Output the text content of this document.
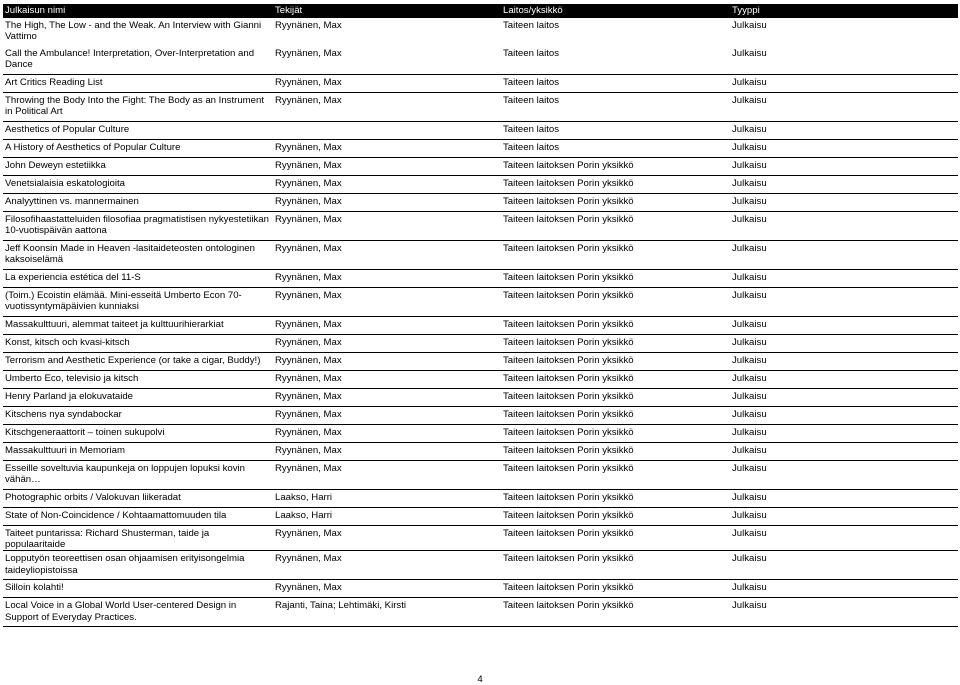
Julkaisun nimi	Tekijät	Laitos/yksikkö	Tyyppi
The High, The Low - and the Weak. An Interview with Gianni Vattimo	Ryynänen, Max	Taiteen laitos	Julkaisu
Call the Ambulance! Interpretation, Over-Interpretation and Dance	Ryynänen, Max	Taiteen laitos	Julkaisu
Art Critics Reading List	Ryynänen, Max	Taiteen laitos	Julkaisu
Throwing the Body Into the Fight: The Body as an Instrument in Political Art	Ryynänen, Max	Taiteen laitos	Julkaisu
Aesthetics of Popular Culture		Taiteen laitos	Julkaisu
A History of Aesthetics of Popular Culture	Ryynänen, Max	Taiteen laitos	Julkaisu
John Deweyn estetiikka	Ryynänen, Max	Taiteen laitoksen Porin yksikkö	Julkaisu
Venetsialaisia eskatologioita	Ryynänen, Max	Taiteen laitoksen Porin yksikkö	Julkaisu
Analyyttinen vs. mannermainen	Ryynänen, Max	Taiteen laitoksen Porin yksikkö	Julkaisu
Filosofihaastatteluiden filosofiaa pragmatistisen nykyestetiikan 10-vuotispäivän aattona	Ryynänen, Max	Taiteen laitoksen Porin yksikkö	Julkaisu
Jeff Koonsin Made in Heaven -lasitaideteosten ontologinen kaksoiselämä	Ryynänen, Max	Taiteen laitoksen Porin yksikkö	Julkaisu
La experiencia estética del 11-S	Ryynänen, Max	Taiteen laitoksen Porin yksikkö	Julkaisu
(Toim.) Ecoistin elämää. Mini-esseitä Umberto Econ 70-vuotissyntymäpäivien kunniaksi	Ryynänen, Max	Taiteen laitoksen Porin yksikkö	Julkaisu
Massakulttuuri, alemmat taiteet ja kulttuurihierarkiat	Ryynänen, Max	Taiteen laitoksen Porin yksikkö	Julkaisu
Konst, kitsch och kvasi-kitsch	Ryynänen, Max	Taiteen laitoksen Porin yksikkö	Julkaisu
Terrorism and Aesthetic Experience (or take a cigar, Buddy!)	Ryynänen, Max	Taiteen laitoksen Porin yksikkö	Julkaisu
Umberto Eco, televisio ja kitsch	Ryynänen, Max	Taiteen laitoksen Porin yksikkö	Julkaisu
Henry Parland ja elokuvataide	Ryynänen, Max	Taiteen laitoksen Porin yksikkö	Julkaisu
Kitschens nya syndabockar	Ryynänen, Max	Taiteen laitoksen Porin yksikkö	Julkaisu
Kitschgeneraattorit – toinen sukupolvi	Ryynänen, Max	Taiteen laitoksen Porin yksikkö	Julkaisu
Massakulttuuri in Memoriam	Ryynänen, Max	Taiteen laitoksen Porin yksikkö	Julkaisu
Esseille soveltuvia kaupunkeja on loppujen lopuksi kovin vähän…	Ryynänen, Max	Taiteen laitoksen Porin yksikkö	Julkaisu
Photographic orbits / Valokuvan liikeradat	Laakso, Harri	Taiteen laitoksen Porin yksikkö	Julkaisu
State of Non-Coincidence / Kohtaamattomuuden tila	Laakso, Harri	Taiteen laitoksen Porin yksikkö	Julkaisu
Taiteet puntarissa: Richard Shusterman, taide ja populaaritaide	Ryynänen, Max	Taiteen laitoksen Porin yksikkö	Julkaisu
Lopputyön teoreettisen osan ohjaamisen erityisongelmia taideyliopistoissa	Ryynänen, Max	Taiteen laitoksen Porin yksikkö	Julkaisu
Silloin kolahti!	Ryynänen, Max	Taiteen laitoksen Porin yksikkö	Julkaisu
Local Voice in a Global World User-centered Design in Support of Everyday Practices.	Rajanti, Taina; Lehtimäki, Kirsti	Taiteen laitoksen Porin yksikkö	Julkaisu
4
